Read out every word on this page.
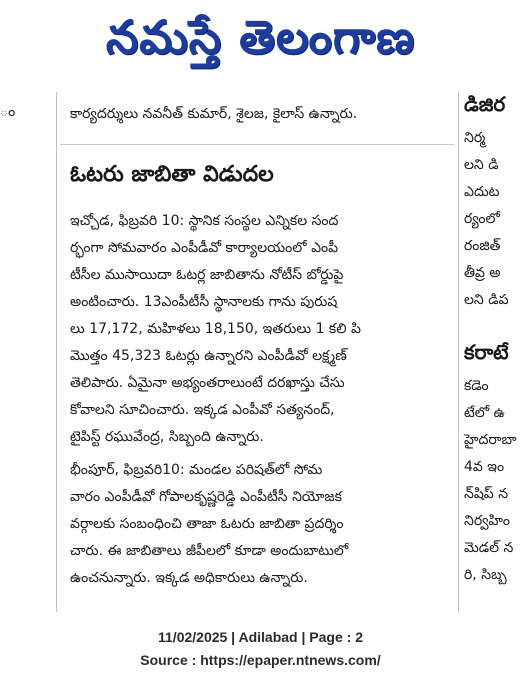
నమస్తే తెలంగాణ
ం	కార్యదర్శులు నవనీత్ కుమార్, శైలజ, కైలాస్ ఉన్నారు.
ఓటరు జాబితా విడుదల
ఇచ్చోడ, ఫిబ్రవరి 10: స్థానిక సంస్థల ఎన్నికల సంద
ర్భంగా సోమవారం ఎంపీడీవో కార్యాలయంలో ఎంపీ
టీసీల ముసాయిదా ఓటర్ల జాబితాను నోటీస్ బోర్డుపై
అంటించారు. 13ఎంపీటీసీ స్థానాలకు గాను పురుష
లు 17,172, మహిళలు 18,150, ఇతరులు 1 కలి పి
మొత్తం 45,323 ఓటర్లు ఉన్నారని ఎంపీడీవో లక్ష్మణ్
తెలిపారు. ఏమైనా అభ్యంతరాలుంటే దరఖాస్తు చేసు
కోవాలని సూచించారు. ఇక్కడ ఎంపీవో సత్యనంద్,
టైపిస్ట్ రఘువేంద్ర, సిబ్బంది ఉన్నారు.
భీంపూర్, ఫిబ్రవరి10: మండల పరిషత్‌లో సోమ
వారం ఎంపీడీవో గోపాలకృష్ణరెడ్డి ఎంపీటీసీ నియోజక
వర్గాలకు సంబంధించి తాజా ఓటరు జాబితా ప్రదర్శిం
చారు. ఈ జాబితాలు జీపీలలో కూడా అందుబాటులో
ఉంచనున్నారు. ఇక్కడ అధికారులు ఉన్నారు.
డిజిర
నిర్మ
లని డి
ఎదుట
ర్యంలో
రంజిత్
తీవ్ర అ
లని డిప
కరాటే
కడెం
టేలో ఉ
హైదరాబా
4వ ఇం
న్‌షిప్ న
నిర్వహిం
మెడల్ న
రి, సిబ్బ
11/02/2025 | Adilabad | Page : 2
Source : https://epaper.ntnews.com/
